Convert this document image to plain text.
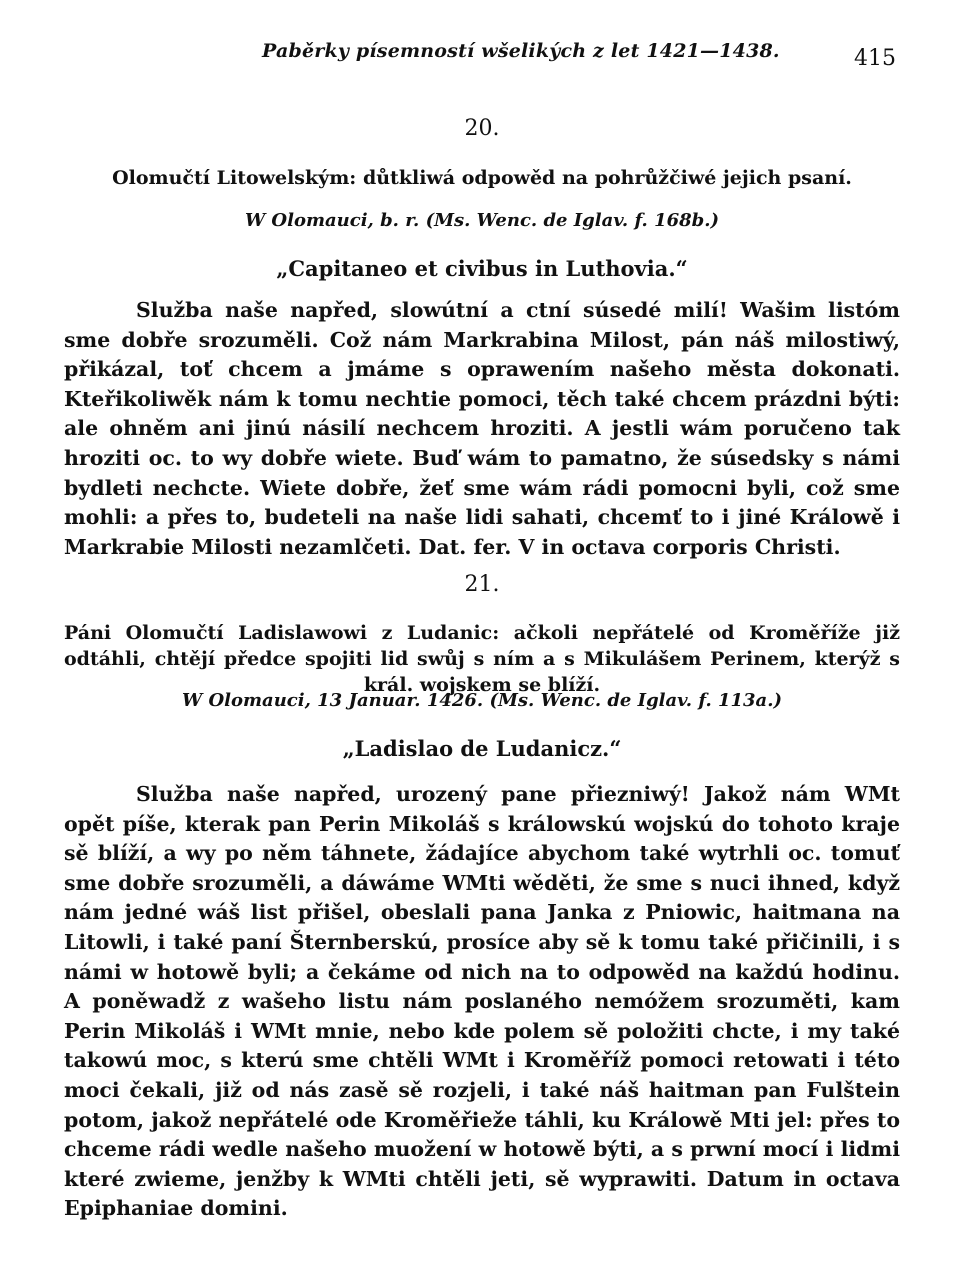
Paběrky písemností wšelikých z let 1421—1438.	415
20.
Olomučtí Litowelským: důtkliwá odpowěd na pohrůžčiwé jejich psaní.
W Olomauci, b. r. (Ms. Wenc. de Iglav. f. 168b.)
„Capitaneo et civibus in Luthovia.“

Služba naše napřed, slowútní a ctní súsedé milí! Wašim listóm sme dobře srozuměli. Což nám Markrabina Milost, pán náš milostiwý, přikázal, toť chcem a jmáme s oprawením našeho města dokonati. Kteřikoliwěk nám k tomu nechtie pomoci, těch také chcem prázdni býti: ale ohněm ani jinú násilí nechcem hroziti. A jestli wám poručeno tak hroziti oc. to wy dobře wiete. Buď wám to pamatno, že súsedsky s námi bydleti nechcte. Wiete dobře, žeť sme wám rádi pomocni byli, což sme mohli: a přes to, budeteli na naše lidi sahati, chcemť to i jiné Králowě i Markrabie Milosti nezamlčeti. Dat. fer. V in octava corporis Christi.

21.
Páni Olomučtí Ladislawowi z Ludanic: ačkoli nepřátelé od Kroměříže již odtáhli, chtějí předce spojiti lid swůj s ním a s Mikulášem Perinem, kterýž s král. wojskem se blíží.
W Olomauci, 13 Januar. 1426. (Ms. Wenc. de Iglav. f. 113a.)
„Ladislao de Ludanicz.“

Služba naše napřed, urozený pane přiezniwý! Jakož nám WMt opět píše, kterak pan Perin Mikoláš s králowskú wojskú do tohoto kraje sě blíží, a wy po něm táhnete, žádajíce abychom také wytrhli oc. tomuť sme dobře srozuměli, a dáwáme WMti wěděti, že sme s nuci ihned, když nám jedné wáš list přišel, obeslali pana Janka z Pniowic, haitmana na Litowli, i také paní Šternberskú, prosíce aby sě k tomu také přičinili, i s námi w hotowě byli; a čekáme od nich na to odpowěd na každú hodinu. A poněwadž z wašeho listu nám poslaného nemóžem srozuměti, kam Perin Mikoláš i WMt mnie, nebo kde polem sě položiti chcte, i my také takowú moc, s kterú sme chtěli WMt i Kroměříž pomoci retowati i této moci čekali, již od nás zasě sě rozjeli, i také náš haitman pan Fulštein potom, jakož nepřátelé ode Kroměřieže táhli, ku Králowě Mti jel: přes to chceme rádi wedle našeho muožení w hotowě býti, a s prwní mocí i lidmi které zwieme, jenžby k WMti chtěli jeti, sě wyprawiti. Datum in octava Epiphaniae domini.
